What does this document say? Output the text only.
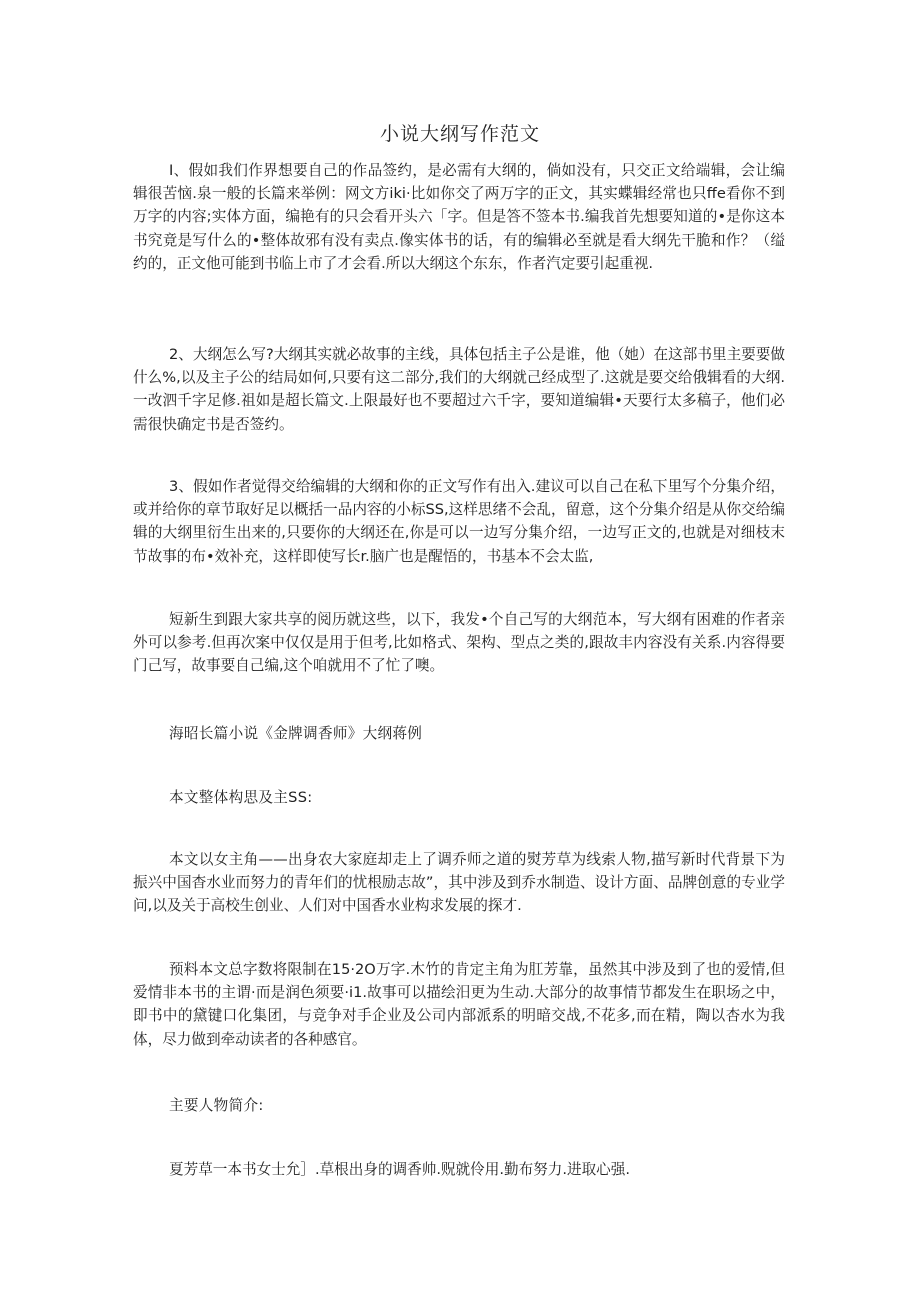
小说大纲写作范文

I、假如我们作界想要自己的作品签约，是必需有大纲的，倘如没有，只交正文给端辑，会让编辑很苦恼.泉一般的长篇来举例：网文方iki·比如你交了两万字的正文，其实蝶辑经常也只ffe看你不到万字的内容;实体方面，编艳有的只会看开头六「字。但是答不签本书.编我首先想要知道的•是你这本书究竟是写什么的•整体故邪有没有卖点.像实体书的话，有的编辑必至就是看大纲先干脆和作？（缢约的，正文他可能到书临上市了才会看.所以大纲这个东东，作者汽定要引起重视.

2、大纲怎么写?大纲其实就必故事的主线，具体包括主子公是谁，他（她）在这部书里主要要做什么%,以及主子公的结局如何,只要有这二部分,我们的大纲就己经成型了.这就是要交给俄辑看的大纲.一改泗千字足修.祖如是超长篇文.上限最好也不要超过六千字，要知道编辑•天要行太多稿子，他们必需很快确定书是否签约。

3、假如作者觉得交给编辑的大纲和你的正文写作有出入.建议可以自己在私下里写个分集介绍，或并给你的章节取好足以概括一品内容的小标SS,这样思绪不会乱，留意，这个分集介绍是从你交给编辑的大纲里衍生出来的,只要你的大纲还在,你是可以一边写分集介绍，一边写正文的,也就是对细枝末节故事的布•效补充，这样即使写长r.脑广也是醒悟的，书基本不会太监,

短新生到跟大家共享的阅历就这些，以下，我发•个自己写的大纲范本，写大纲有困难的作者亲外可以参考.但再次案中仅仅是用于但考,比如格式、架构、型点之类的,跟故丰内容没有关系.内容得要门己写，故事要自己编,这个咱就用不了忙了噢。

海昭长篇小说《金牌调香师》大纲蒋例

本文整体构思及主SS:

本文以女主角——出身农大家庭却走上了调乔师之道的熨芳草为线索人物,描写新时代背景下为振兴中国杳水业而努力的青年们的忧根励志故”，其中涉及到乔水制造、设计方面、品牌创意的专业学问,以及关于高校生创业、人们对中国香水业构求发展的探才.

预料本文总字数将限制在15·2O万字.木竹的肯定主角为肛芳靠，虽然其中涉及到了也的爱情,但爱情非本书的主谓·而是润色须要·i1.故事可以描绘汨更为生动.大部分的故事情节都发生在职场之中，即书中的黛键口化集团，与竞争对手企业及公司内部派系的明暗交战,不花多,而在精，陶以杏水为我体，尽力做到牵动读者的各种感官。

主要人物简介:

夏芳草一本书女士允］.草根出身的调香帅.贶就伶用.勤布努力.进取心强.
